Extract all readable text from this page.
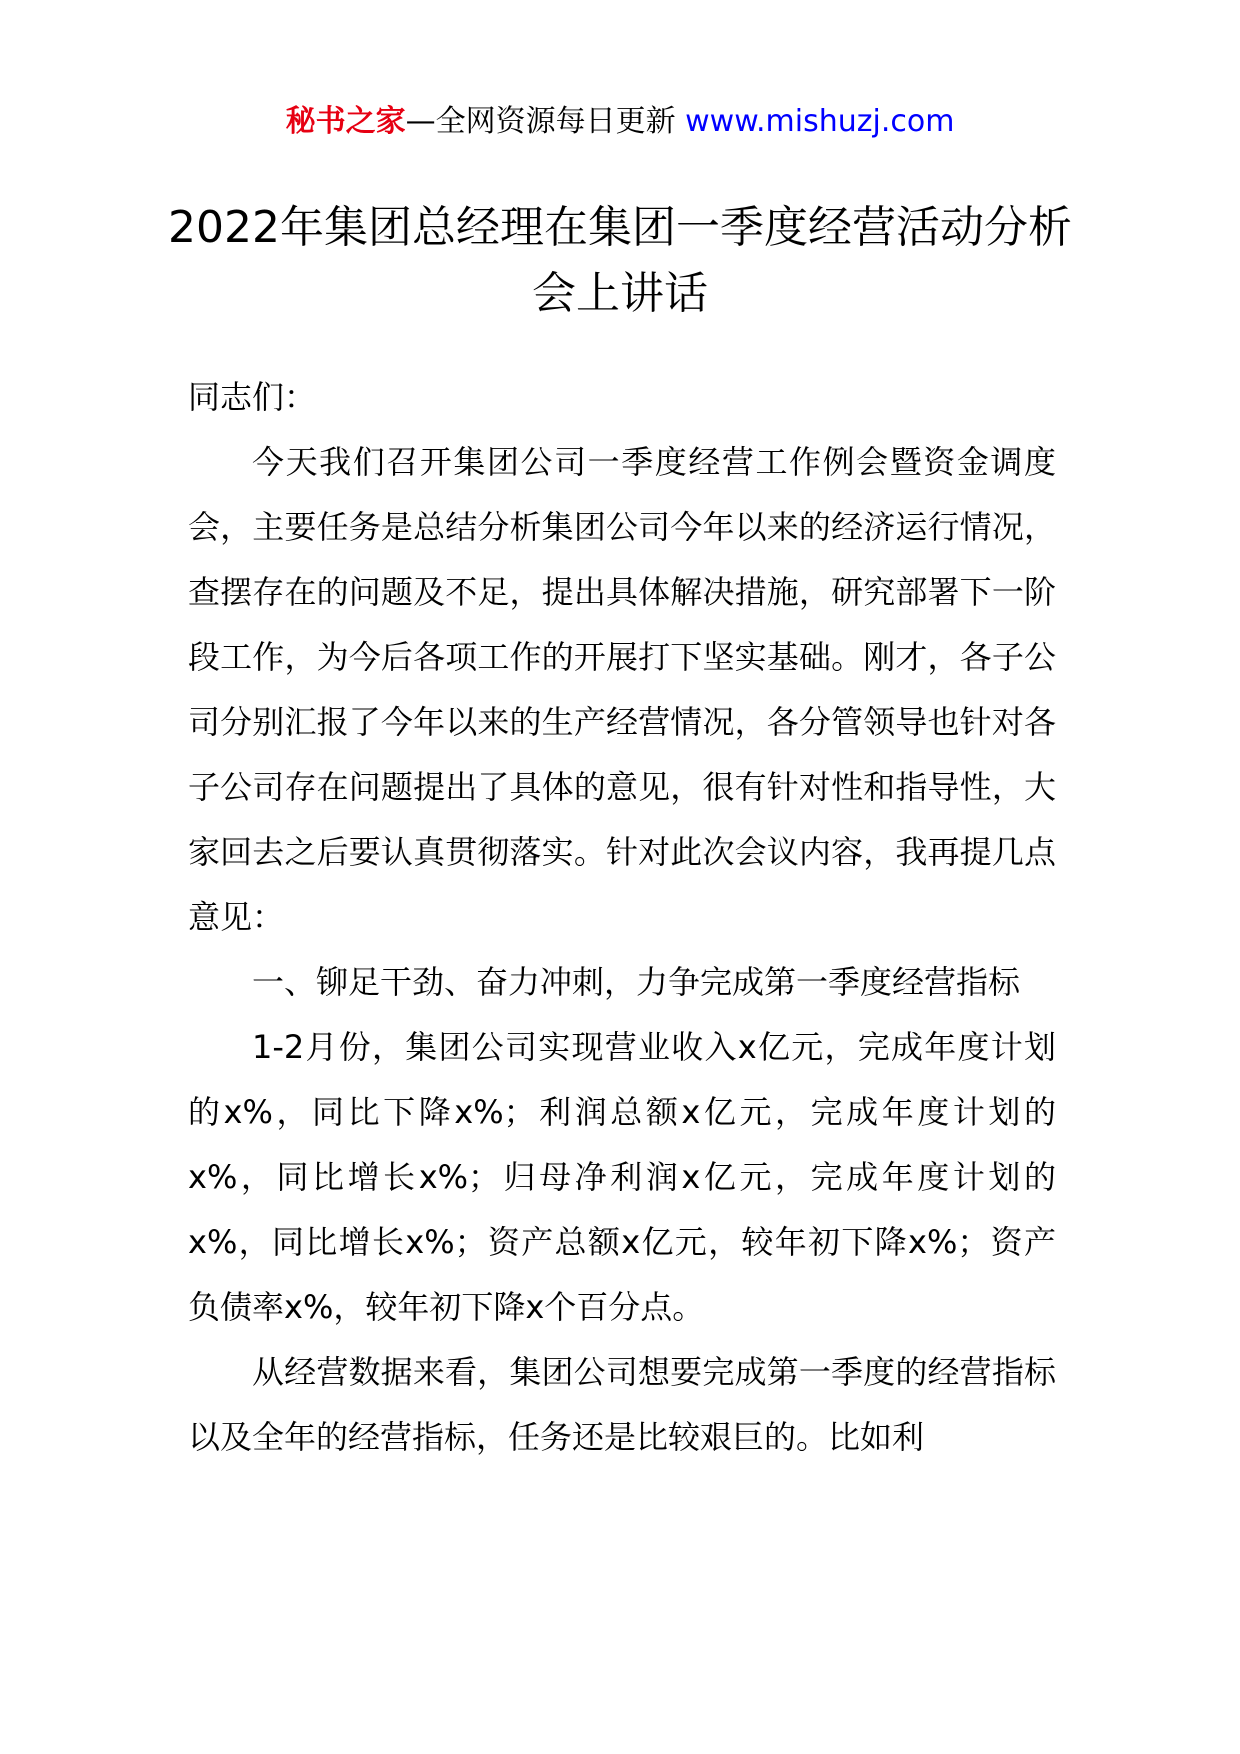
秘书之家—全网资源每日更新 www.mishuzj.com
2022年集团总经理在集团一季度经营活动分析会上讲话

同志们：

今天我们召开集团公司一季度经营工作例会暨资金调度会，主要任务是总结分析集团公司今年以来的经济运行情况，查摆存在的问题及不足，提出具体解决措施，研究部署下一阶段工作，为今后各项工作的开展打下坚实基础。刚才，各子公司分别汇报了今年以来的生产经营情况，各分管领导也针对各子公司存在问题提出了具体的意见，很有针对性和指导性，大家回去之后要认真贯彻落实。针对此次会议内容，我再提几点意见：

一、铆足干劲、奋力冲刺，力争完成第一季度经营指标

1-2月份，集团公司实现营业收入x亿元，完成年度计划的x%，同比下降x%；利润总额x亿元，完成年度计划的x%，同比增长x%；归母净利润x亿元，完成年度计划的x%，同比增长x%；资产总额x亿元，较年初下降x%；资产负债率x%，较年初下降x个百分点。

从经营数据来看，集团公司想要完成第一季度的经营指标以及全年的经营指标，任务还是比较艰巨的。比如利
